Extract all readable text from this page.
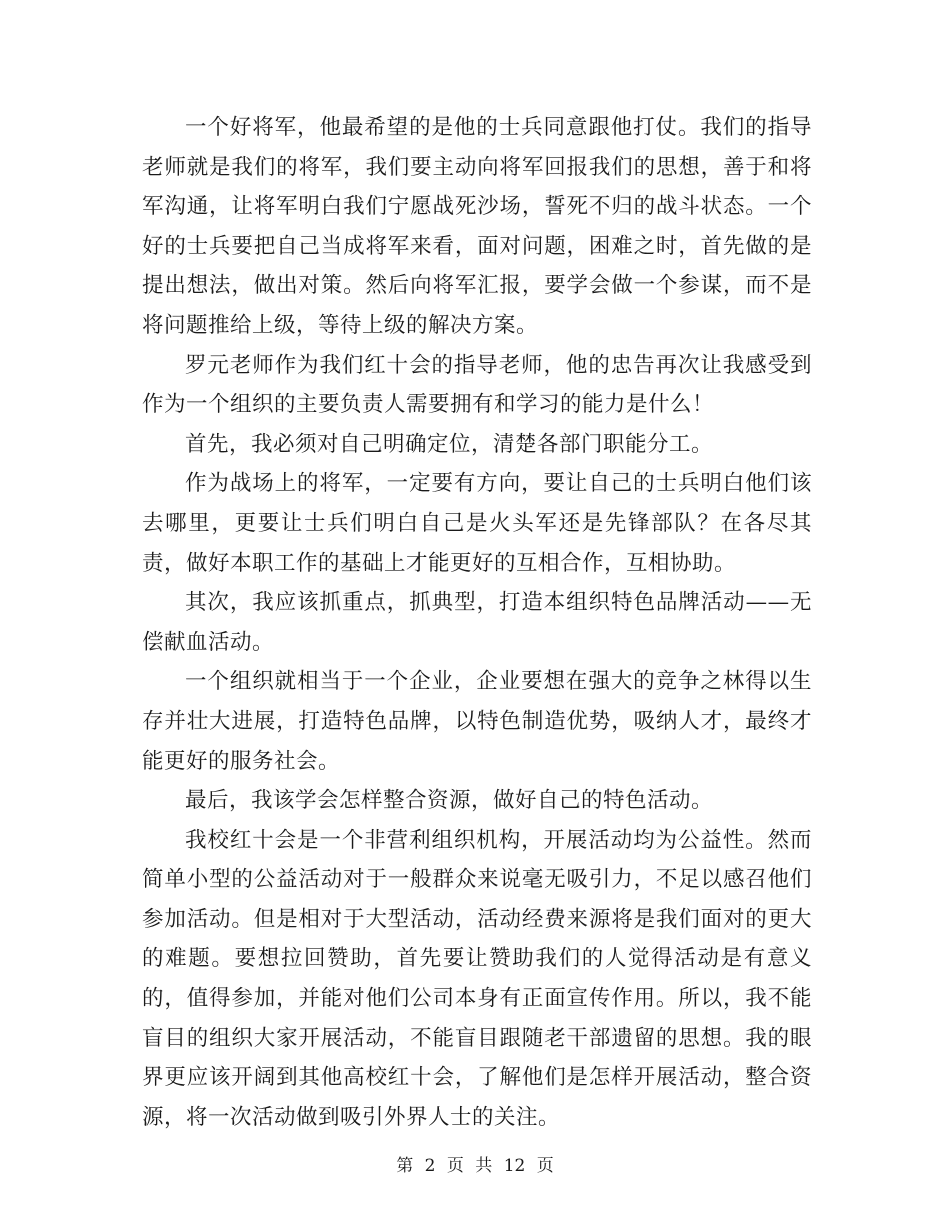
一个好将军，他最希望的是他的士兵同意跟他打仗。我们的指导老师就是我们的将军，我们要主动向将军回报我们的思想，善于和将军沟通，让将军明白我们宁愿战死沙场，誓死不归的战斗状态。一个好的士兵要把自己当成将军来看，面对问题，困难之时，首先做的是提出想法，做出对策。然后向将军汇报，要学会做一个参谋，而不是将问题推给上级，等待上级的解决方案。

罗元老师作为我们红十会的指导老师，他的忠告再次让我感受到作为一个组织的主要负责人需要拥有和学习的能力是什么！

首先，我必须对自己明确定位，清楚各部门职能分工。

作为战场上的将军，一定要有方向，要让自己的士兵明白他们该去哪里，更要让士兵们明白自己是火头军还是先锋部队？在各尽其责，做好本职工作的基础上才能更好的互相合作，互相协助。

其次，我应该抓重点，抓典型，打造本组织特色品牌活动——无偿献血活动。

一个组织就相当于一个企业，企业要想在强大的竞争之林得以生存并壮大进展，打造特色品牌，以特色制造优势，吸纳人才，最终才能更好的服务社会。

最后，我该学会怎样整合资源，做好自己的特色活动。

我校红十会是一个非营利组织机构，开展活动均为公益性。然而简单小型的公益活动对于一般群众来说毫无吸引力，不足以感召他们参加活动。但是相对于大型活动，活动经费来源将是我们面对的更大的难题。要想拉回赞助，首先要让赞助我们的人觉得活动是有意义的，值得参加，并能对他们公司本身有正面宣传作用。所以，我不能盲目的组织大家开展活动，不能盲目跟随老干部遗留的思想。我的眼界更应该开阔到其他高校红十会，了解他们是怎样开展活动，整合资源，将一次活动做到吸引外界人士的关注。

第 2 页 共 12 页
